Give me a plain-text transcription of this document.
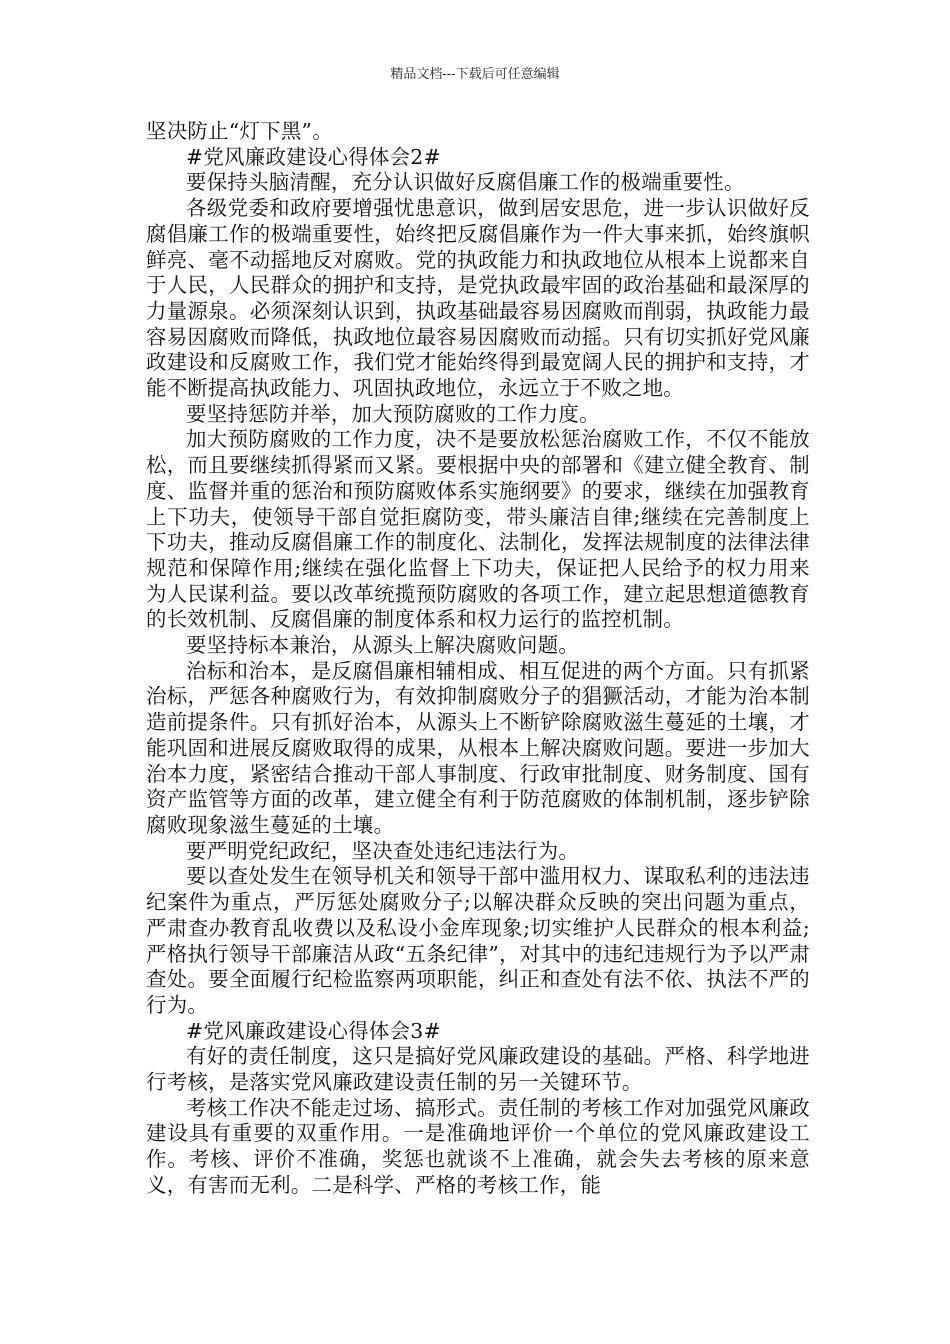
精品文档---下载后可任意编辑

坚决防止“灯下黑”。

#党风廉政建设心得体会2#

要保持头脑清醒，充分认识做好反腐倡廉工作的极端重要性。

各级党委和政府要增强忧患意识，做到居安思危，进一步认识做好反腐倡廉工作的极端重要性，始终把反腐倡廉作为一件大事来抓，始终旗帜鲜亮、毫不动摇地反对腐败。党的执政能力和执政地位从根本上说都来自于人民，人民群众的拥护和支持，是党执政最牢固的政治基础和最深厚的力量源泉。必须深刻认识到，执政基础最容易因腐败而削弱，执政能力最容易因腐败而降低，执政地位最容易因腐败而动摇。只有切实抓好党风廉政建设和反腐败工作，我们党才能始终得到最宽阔人民的拥护和支持，才能不断提高执政能力、巩固执政地位，永远立于不败之地。

要坚持惩防并举，加大预防腐败的工作力度。

加大预防腐败的工作力度，决不是要放松惩治腐败工作，不仅不能放松，而且要继续抓得紧而又紧。要根据中央的部署和《建立健全教育、制度、监督并重的惩治和预防腐败体系实施纲要》的要求，继续在加强教育上下功夫，使领导干部自觉拒腐防变，带头廉洁自律;继续在完善制度上下功夫，推动反腐倡廉工作的制度化、法制化，发挥法规制度的法律法律规范和保障作用;继续在强化监督上下功夫，保证把人民给予的权力用来为人民谋利益。要以改革统揽预防腐败的各项工作，建立起思想道德教育的长效机制、反腐倡廉的制度体系和权力运行的监控机制。

要坚持标本兼治，从源头上解决腐败问题。

治标和治本，是反腐倡廉相辅相成、相互促进的两个方面。只有抓紧治标，严惩各种腐败行为，有效抑制腐败分子的猖獗活动，才能为治本制造前提条件。只有抓好治本，从源头上不断铲除腐败滋生蔓延的土壤，才能巩固和进展反腐败取得的成果，从根本上解决腐败问题。要进一步加大治本力度，紧密结合推动干部人事制度、行政审批制度、财务制度、国有资产监管等方面的改革，建立健全有利于防范腐败的体制机制，逐步铲除腐败现象滋生蔓延的土壤。

要严明党纪政纪，坚决查处违纪违法行为。

要以查处发生在领导机关和领导干部中滥用权力、谋取私利的违法违纪案件为重点，严厉惩处腐败分子;以解决群众反映的突出问题为重点，严肃查办教育乱收费以及私设小金库现象;切实维护人民群众的根本利益;严格执行领导干部廉洁从政“五条纪律”，对其中的违纪违规行为予以严肃查处。要全面履行纪检监察两项职能，纠正和查处有法不依、执法不严的行为。

#党风廉政建设心得体会3#

有好的责任制度，这只是搞好党风廉政建设的基础。严格、科学地进行考核，是落实党风廉政建设责任制的另一关键环节。

考核工作决不能走过场、搞形式。责任制的考核工作对加强党风廉政建设具有重要的双重作用。一是准确地评价一个单位的党风廉政建设工作。考核、评价不准确，奖惩也就谈不上准确，就会失去考核的原来意义，有害而无利。二是科学、严格的考核工作，能
